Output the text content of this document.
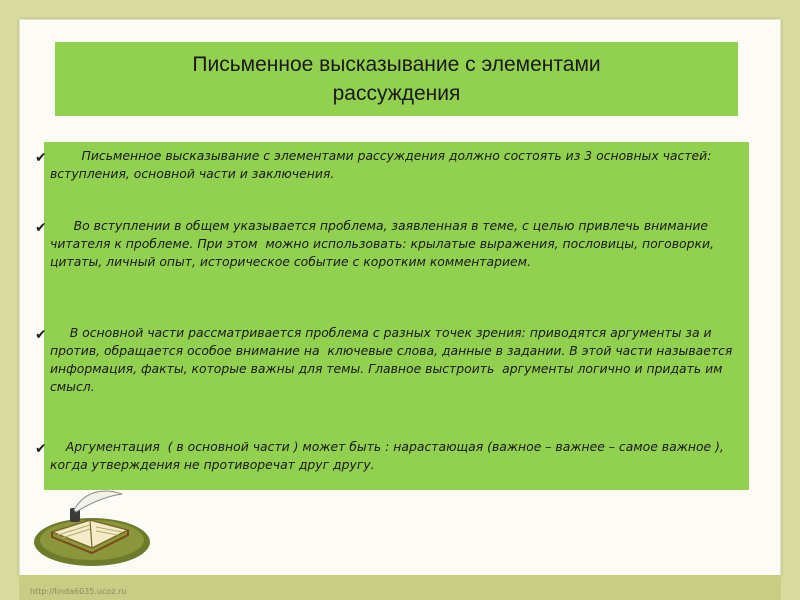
Письменное высказывание с элементами рассуждения
✔ Письменное высказывание с элементами рассуждения должно состоять из 3 основных частей: вступления, основной части и заключения.
✔ Во вступлении в общем указывается проблема, заявленная в теме, с целью привлечь внимание читателя к проблеме. При этом  можно использовать: крылатые выражения, пословицы, поговорки, цитаты, личный опыт, историческое событие с коротким комментарием.
✔ В основной части рассматривается проблема с разных точек зрения: приводятся аргументы за и против, обращается особое внимание на  ключевые слова, данные в задании. В этой части называется  информация, факты, которые важны для темы. Главное выстроить  аргументы логично и придать им смысл.
✔ Аргументация  ( в основной части ) может быть : нарастающая (важное – важнее – самое важное ), когда утверждения не противоречат друг другу.
http://linda6035.ucoz.ru
